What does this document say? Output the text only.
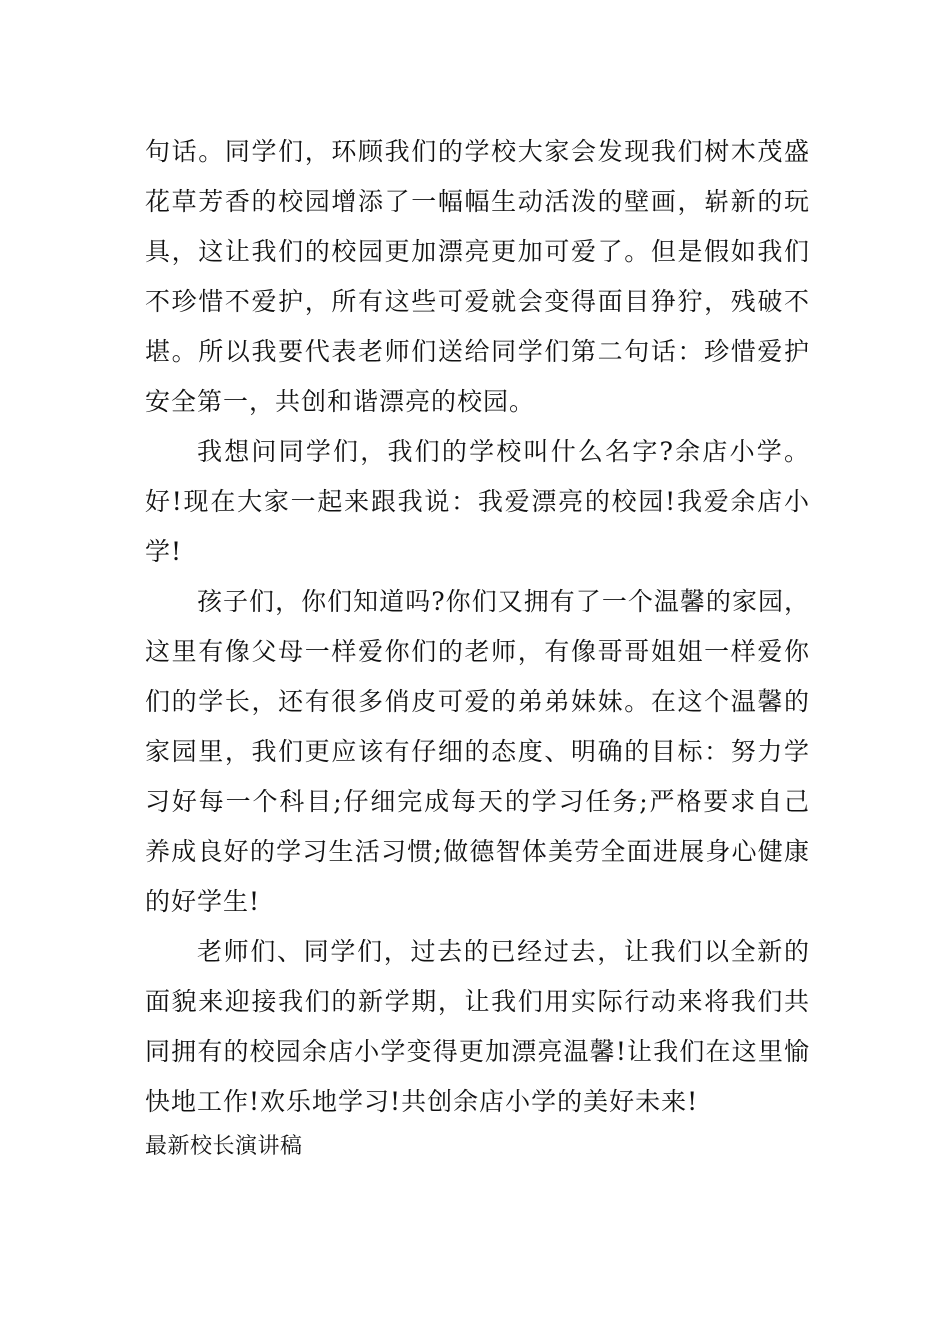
句话。同学们，环顾我们的学校大家会发现我们树木茂盛花草芳香的校园增添了一幅幅生动活泼的壁画，崭新的玩具，这让我们的校园更加漂亮更加可爱了。但是假如我们不珍惜不爱护，所有这些可爱就会变得面目狰狞，残破不堪。所以我要代表老师们送给同学们第二句话：珍惜爱护安全第一，共创和谐漂亮的校园。

我想问同学们，我们的学校叫什么名字?余店小学。好!现在大家一起来跟我说：我爱漂亮的校园!我爱余店小学!

孩子们，你们知道吗?你们又拥有了一个温馨的家园，这里有像父母一样爱你们的老师，有像哥哥姐姐一样爱你们的学长，还有很多俏皮可爱的弟弟妹妹。在这个温馨的家园里，我们更应该有仔细的态度、明确的目标：努力学习好每一个科目;仔细完成每天的学习任务;严格要求自己养成良好的学习生活习惯;做德智体美劳全面进展身心健康的好学生!

老师们、同学们，过去的已经过去，让我们以全新的面貌来迎接我们的新学期，让我们用实际行动来将我们共同拥有的校园余店小学变得更加漂亮温馨!让我们在这里愉快地工作!欢乐地学习!共创余店小学的美好未来!

最新校长演讲稿
